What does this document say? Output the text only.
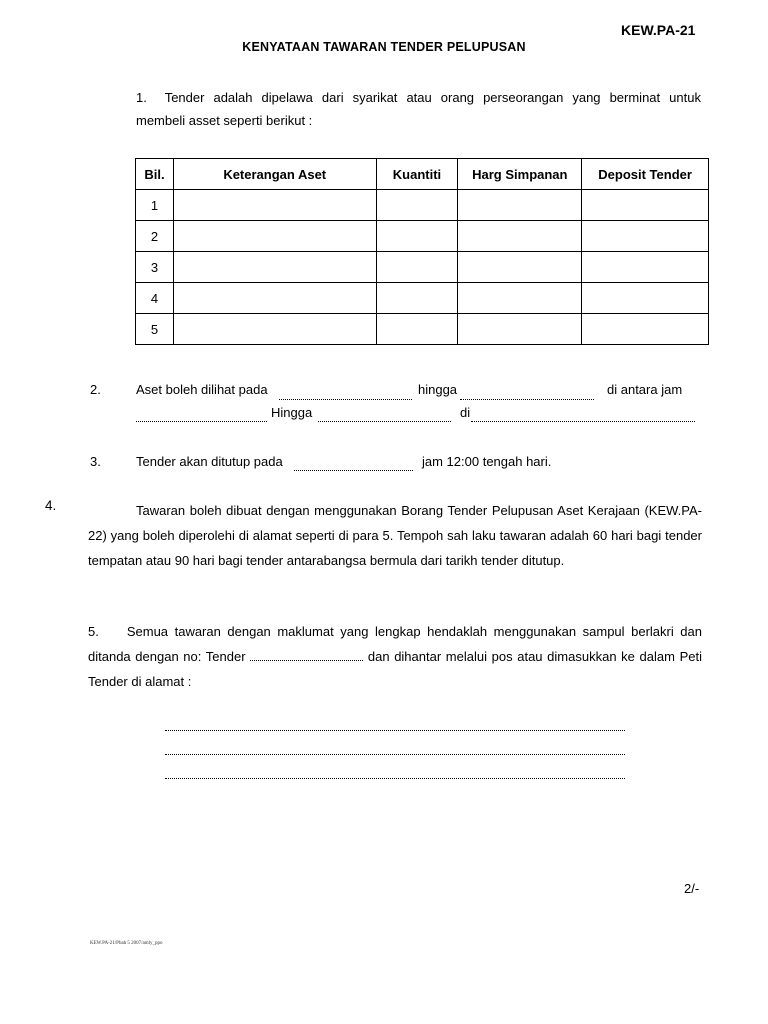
KEW.PA-21
KENYATAAN TAWARAN TENDER PELUPUSAN
1. Tender adalah dipelawa dari syarikat atau orang perseorangan yang berminat untuk
membeli asset seperti berikut :
Bil.	Keterangan Aset	Kuantiti	Harg Simpanan	Deposit Tender
1				
2				
3				
4				
5				
2.	Aset boleh dilihat pada	hingga	di antara jam
Hingga	di
3.	Tender akan ditutup pada	jam 12:00 tengah hari.
4.	Tawaran boleh dibuat dengan menggunakan Borang Tender Pelupusan Aset Kerajaan (KEW.PA-22) yang boleh diperolehi di alamat seperti di para 5. Tempoh sah laku tawaran adalah 60 hari bagi tender tempatan atau 90 hari bagi tender antarabangsa bermula dari tarikh tender ditutup.
5. Semua tawaran dengan maklumat yang lengkap hendaklah menggunakan sampul berlakri dan ditanda dengan no: Tender	dan dihantar melalui pos atau dimasukkan ke dalam Peti Tender di alamat :
2/-
KEW.PA-21/Pbah 5 2007/amly_ppo
